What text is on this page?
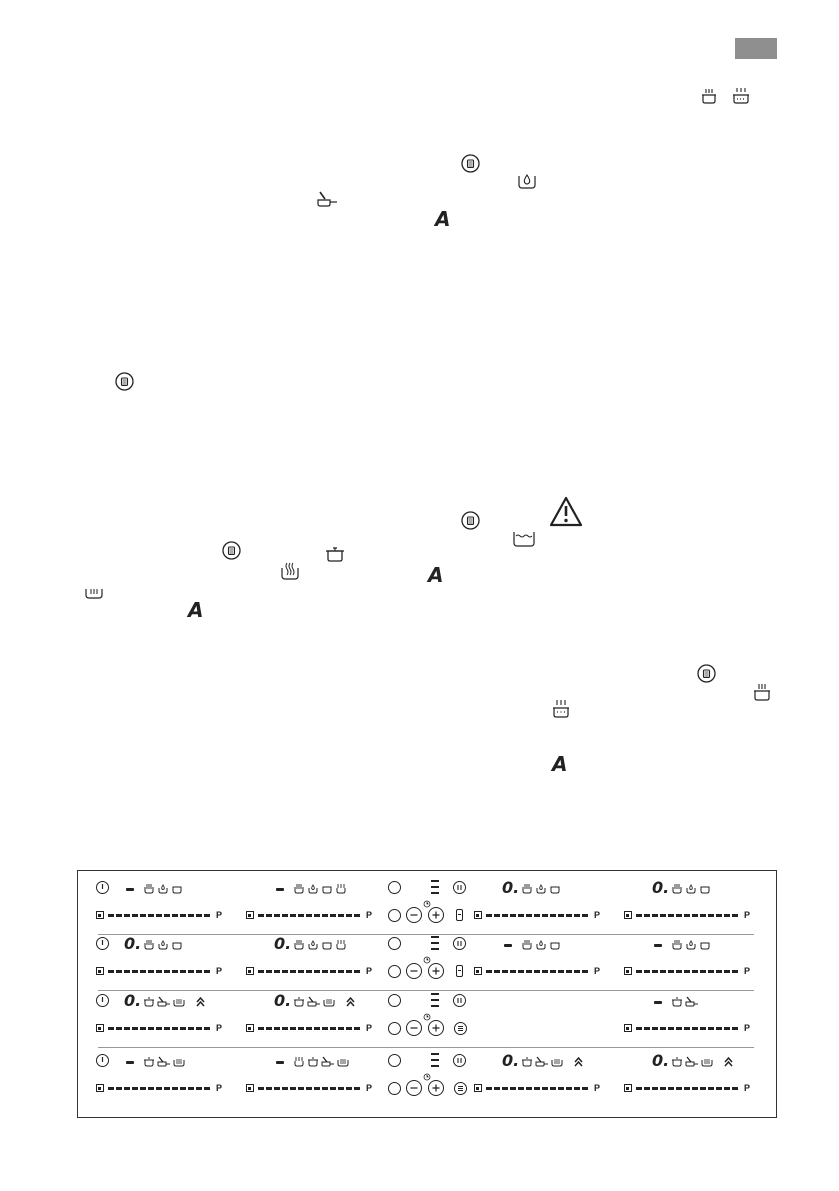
A
A
A
A
P	P
0.
P
0.
P
0.
P
0.
P	P	P
0.
P
0.
P	P
P	P
0.
P
0.
P
